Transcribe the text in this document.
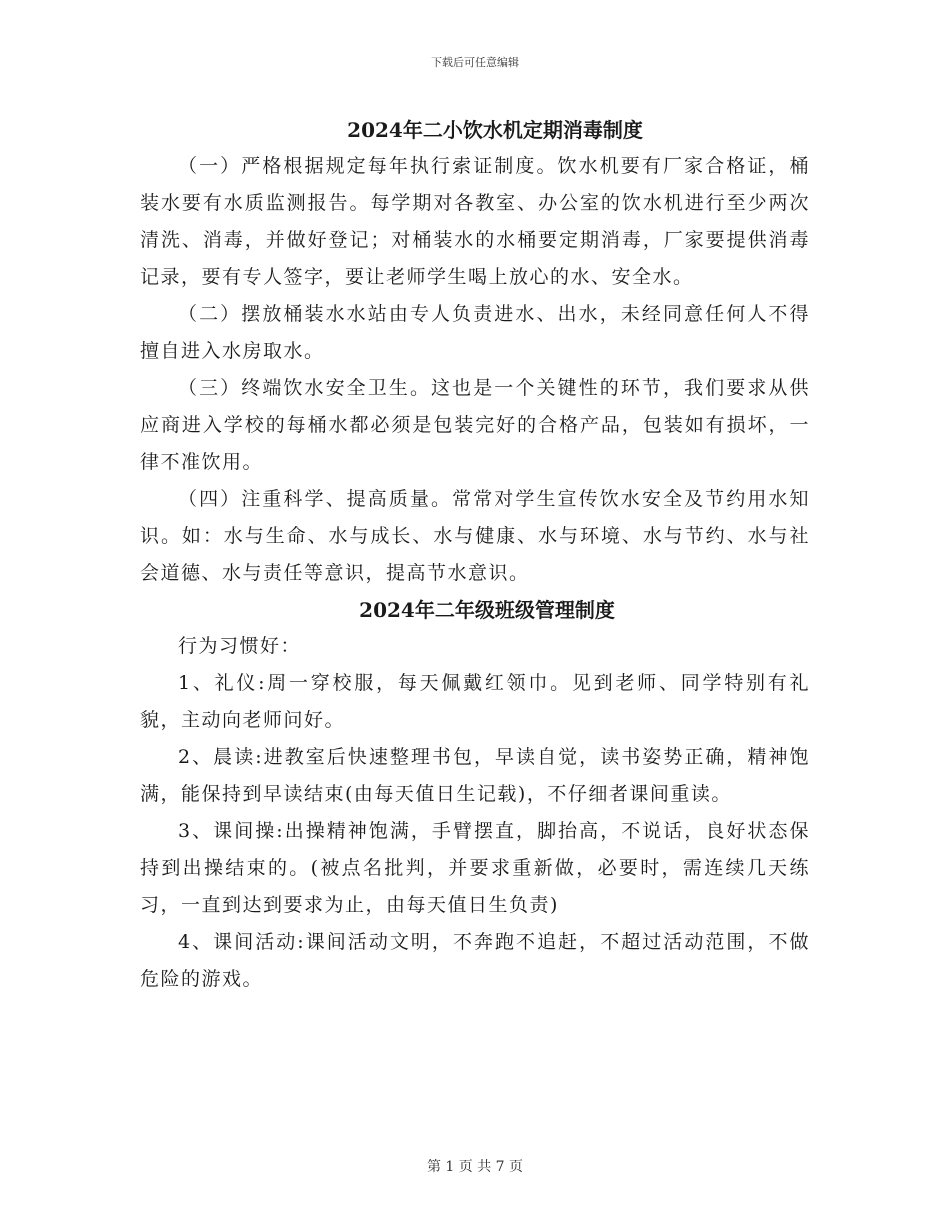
下载后可任意编辑
2024年二小饮水机定期消毒制度

（一）严格根据规定每年执行索证制度。饮水机要有厂家合格证，桶装水要有水质监测报告。每学期对各教室、办公室的饮水机进行至少两次清洗、消毒，并做好登记；对桶装水的水桶要定期消毒，厂家要提供消毒记录，要有专人签字，要让老师学生喝上放心的水、安全水。

（二）摆放桶装水水站由专人负责进水、出水，未经同意任何人不得擅自进入水房取水。

（三）终端饮水安全卫生。这也是一个关键性的环节，我们要求从供应商进入学校的每桶水都必须是包装完好的合格产品，包装如有损坏，一律不准饮用。

（四）注重科学、提高质量。常常对学生宣传饮水安全及节约用水知识。如：水与生命、水与成长、水与健康、水与环境、水与节约、水与社会道德、水与责任等意识，提高节水意识。

2024年二年级班级管理制度

行为习惯好：

1、礼仪:周一穿校服，每天佩戴红领巾。见到老师、同学特别有礼貌，主动向老师问好。

2、晨读:进教室后快速整理书包，早读自觉，读书姿势正确，精神饱满，能保持到早读结束(由每天值日生记载)，不仔细者课间重读。

3、课间操:出操精神饱满，手臂摆直，脚抬高，不说话，良好状态保持到出操结束的。(被点名批判，并要求重新做，必要时，需连续几天练习，一直到达到要求为止，由每天值日生负责)

4、课间活动:课间活动文明，不奔跑不追赶，不超过活动范围，不做危险的游戏。

第 1 页 共 7 页
